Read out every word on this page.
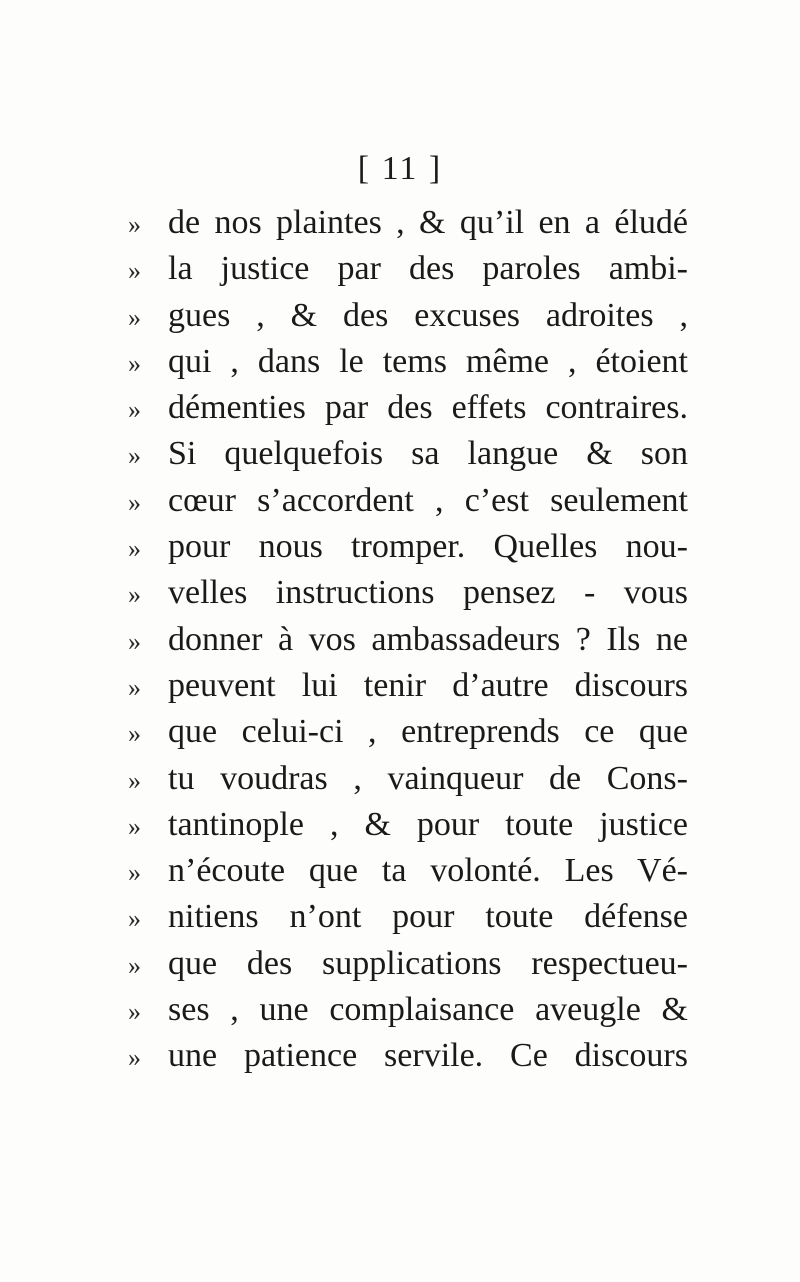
[ 11 ]
» de nos plaintes , & qu’il en a éludé
» la justice par des paroles ambi-
» gues , & des excuses adroites ,
» qui , dans le tems même , étoient
» démenties par des effets contraires.
» Si quelquefois sa langue & son
» cœur s’accordent , c’est seulement
» pour nous tromper. Quelles nou-
» velles instructions pensez - vous
» donner à vos ambassadeurs ? Ils ne
» peuvent lui tenir d’autre discours
» que celui-ci , entreprends ce que
» tu voudras , vainqueur de Cons-
» tantinople , & pour toute justice
» n’écoute que ta volonté. Les Vé-
» nitiens n’ont pour toute défense
» que des supplications respectueu-
» ses , une complaisance aveugle &
» une patience servile. Ce discours
